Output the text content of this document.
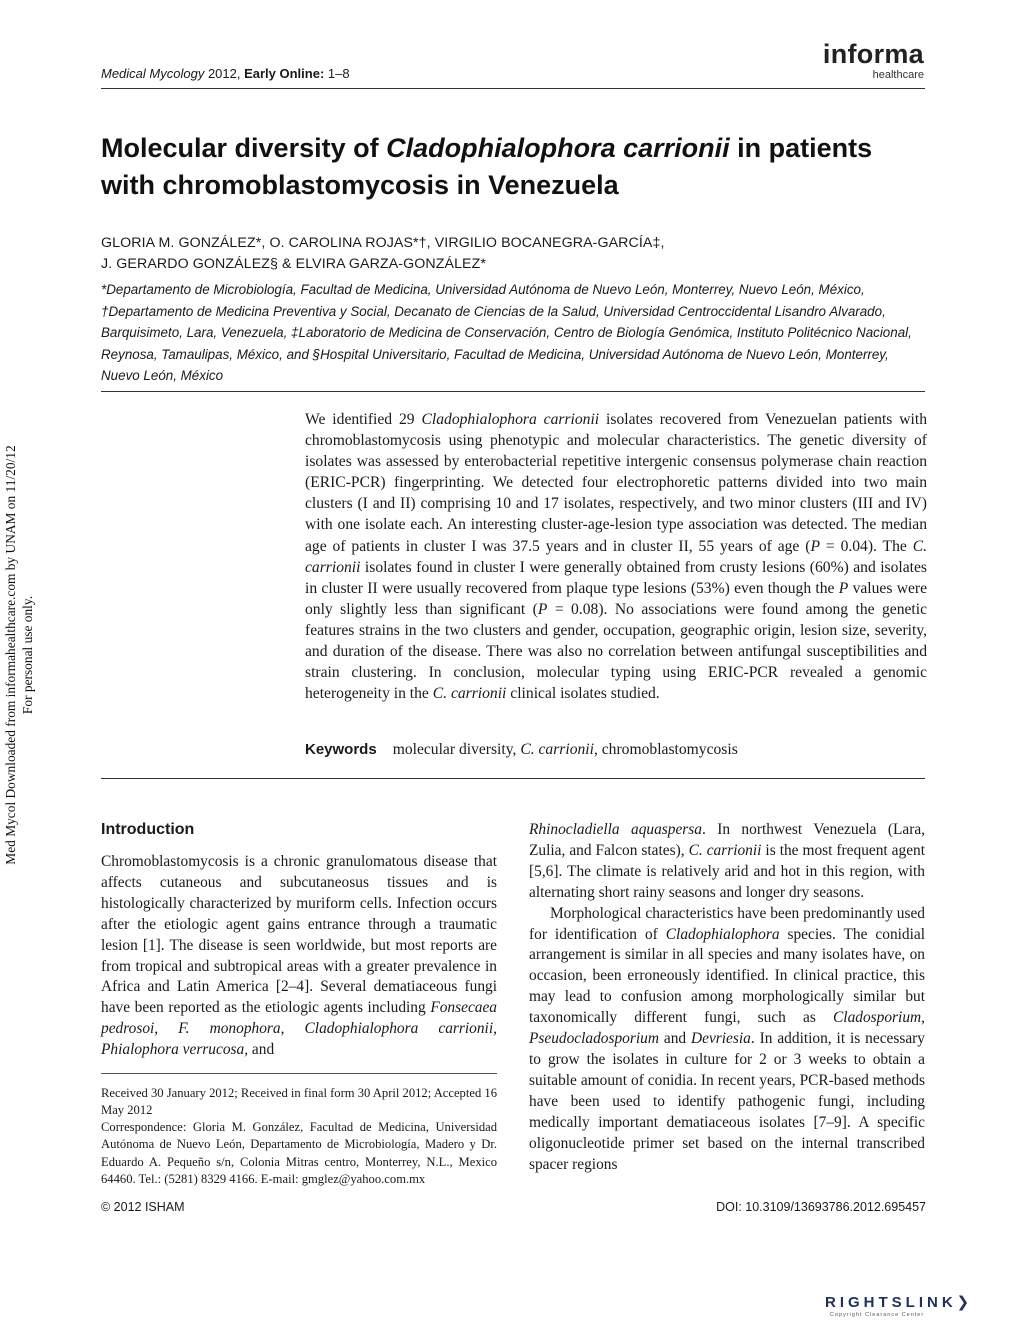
Medical Mycology 2012, Early Online: 1–8
informa
healthcare
Molecular diversity of Cladophialophora carrionii in patients with chromoblastomycosis in Venezuela
GLORIA M. GONZÁLEZ*, O. CAROLINA ROJAS*†, VIRGILIO BOCANEGRA-GARCÍA‡,
J. GERARDO GONZÁLEZ§ & ELVIRA GARZA-GONZÁLEZ*
*Departamento de Microbiología, Facultad de Medicina, Universidad Autónoma de Nuevo León, Monterrey, Nuevo León, México, †Departamento de Medicina Preventiva y Social, Decanato de Ciencias de la Salud, Universidad Centroccidental Lisandro Alvarado, Barquisimeto, Lara, Venezuela, ‡Laboratorio de Medicina de Conservación, Centro de Biología Genómica, Instituto Politécnico Nacional, Reynosa, Tamaulipas, México, and §Hospital Universitario, Facultad de Medicina, Universidad Autónoma de Nuevo León, Monterrey, Nuevo León, México
We identified 29 Cladophialophora carrionii isolates recovered from Venezuelan patients with chromoblastomycosis using phenotypic and molecular characteristics. The genetic diversity of isolates was assessed by enterobacterial repetitive intergenic consensus polymerase chain reaction (ERIC-PCR) fingerprinting. We detected four electrophoretic patterns divided into two main clusters (I and II) comprising 10 and 17 isolates, respectively, and two minor clusters (III and IV) with one isolate each. An interesting cluster-age-lesion type association was detected. The median age of patients in cluster I was 37.5 years and in cluster II, 55 years of age (P = 0.04). The C. carrionii isolates found in cluster I were generally obtained from crusty lesions (60%) and isolates in cluster II were usually recovered from plaque type lesions (53%) even though the P values were only slightly less than significant (P = 0.08). No associations were found among the genetic features strains in the two clusters and gender, occupation, geographic origin, lesion size, severity, and duration of the disease. There was also no correlation between antifungal susceptibilities and strain clustering. In conclusion, molecular typing using ERIC-PCR revealed a genomic heterogeneity in the C. carrionii clinical isolates studied.
Keywords molecular diversity, C. carrionii, chromoblastomycosis
Introduction

Chromoblastomycosis is a chronic granulomatous disease that affects cutaneous and subcutaneosus tissues and is histologically characterized by muriform cells. Infection occurs after the etiologic agent gains entrance through a traumatic lesion [1]. The disease is seen worldwide, but most reports are from tropical and subtropical areas with a greater prevalence in Africa and Latin America [2–4]. Several dematiaceous fungi have been reported as the etiologic agents including Fonsecaea pedrosoi, F. monophora, Cladophialophora carrionii, Phialophora verrucosa, and

Rhinocladiella aquaspersa. In northwest Venezuela (Lara, Zulia, and Falcon states), C. carrionii is the most frequent agent [5,6]. The climate is relatively arid and hot in this region, with alternating short rainy seasons and longer dry seasons.

Morphological characteristics have been predominantly used for identification of Cladophialophora species. The conidial arrangement is similar in all species and many isolates have, on occasion, been erroneously identified. In clinical practice, this may lead to confusion among morphologically similar but taxonomically different fungi, such as Cladosporium, Pseudocladosporium and Devriesia. In addition, it is necessary to grow the isolates in culture for 2 or 3 weeks to obtain a suitable amount of conidia. In recent years, PCR-based methods have been used to identify pathogenic fungi, including medically important dematiaceous isolates [7–9]. A specific oligonucleotide primer set based on the internal transcribed spacer regions

Received 30 January 2012; Received in final form 30 April 2012; Accepted 16 May 2012
Correspondence: Gloria M. González, Facultad de Medicina, Universidad Autónoma de Nuevo León, Departamento de Microbiología, Madero y Dr. Eduardo A. Pequeño s/n, Colonia Mitras centro, Monterrey, N.L., Mexico 64460. Tel.: (5281) 8329 4166. E-mail: gmglez@yahoo.com.mx
© 2012 ISHAM	DOI: 10.3109/13693786.2012.695457
RIGHTSLINK❯
Copyright Clearance Center
Med Mycol Downloaded from informahealthcare.com by UNAM on 11/20/12 For personal use only.
